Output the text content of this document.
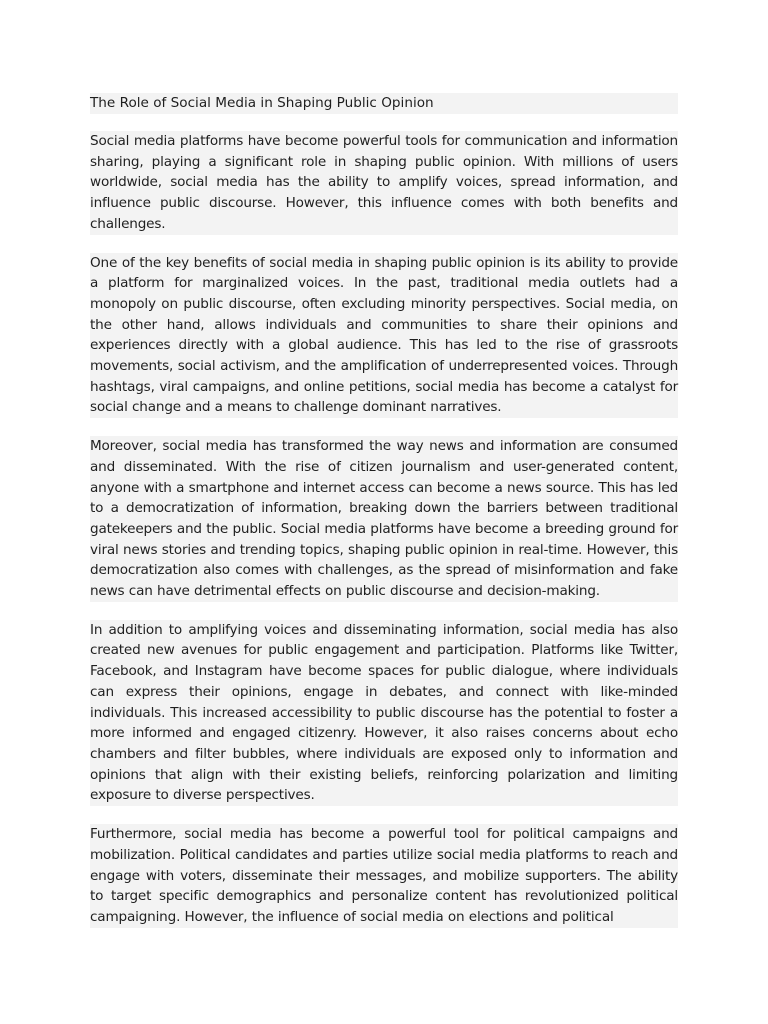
The Role of Social Media in Shaping Public Opinion

Social media platforms have become powerful tools for communication and information sharing, playing a significant role in shaping public opinion. With millions of users worldwide, social media has the ability to amplify voices, spread information, and influence public discourse. However, this influence comes with both benefits and challenges.

One of the key benefits of social media in shaping public opinion is its ability to provide a platform for marginalized voices. In the past, traditional media outlets had a monopoly on public discourse, often excluding minority perspectives. Social media, on the other hand, allows individuals and communities to share their opinions and experiences directly with a global audience. This has led to the rise of grassroots movements, social activism, and the amplification of underrepresented voices. Through hashtags, viral campaigns, and online petitions, social media has become a catalyst for social change and a means to challenge dominant narratives.

Moreover, social media has transformed the way news and information are consumed and disseminated. With the rise of citizen journalism and user-generated content, anyone with a smartphone and internet access can become a news source. This has led to a democratization of information, breaking down the barriers between traditional gatekeepers and the public. Social media platforms have become a breeding ground for viral news stories and trending topics, shaping public opinion in real-time. However, this democratization also comes with challenges, as the spread of misinformation and fake news can have detrimental effects on public discourse and decision-making.

In addition to amplifying voices and disseminating information, social media has also created new avenues for public engagement and participation. Platforms like Twitter, Facebook, and Instagram have become spaces for public dialogue, where individuals can express their opinions, engage in debates, and connect with like-minded individuals. This increased accessibility to public discourse has the potential to foster a more informed and engaged citizenry. However, it also raises concerns about echo chambers and filter bubbles, where individuals are exposed only to information and opinions that align with their existing beliefs, reinforcing polarization and limiting exposure to diverse perspectives.

Furthermore, social media has become a powerful tool for political campaigns and mobilization. Political candidates and parties utilize social media platforms to reach and engage with voters, disseminate their messages, and mobilize supporters. The ability to target specific demographics and personalize content has revolutionized political campaigning. However, the influence of social media on elections and political
